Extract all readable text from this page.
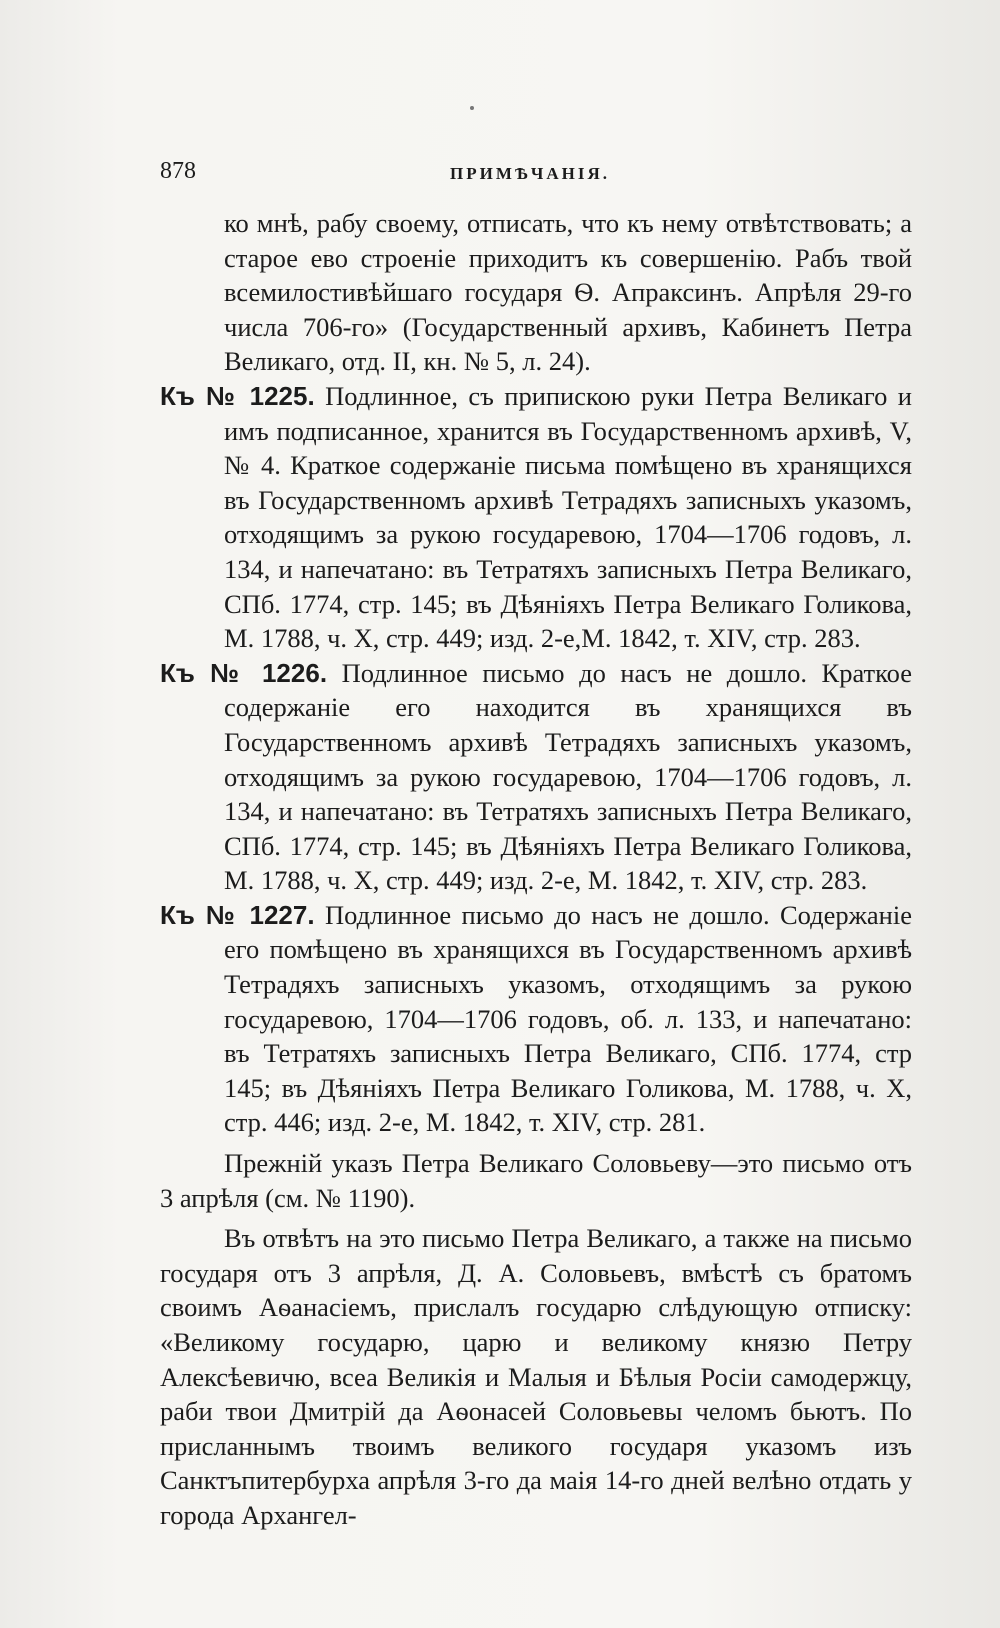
878	ПРИМѢЧАНІЯ.

ко мнѣ, рабу своему, отписать, что къ нему отвѣтствовать; а старое ево строенiе приходитъ къ совершенiю. Рабъ твой всемилостивѣйшаго государя Ѳ. Апраксинъ. Апрѣля 29-го числа 706-го» (Государственный архивъ, Кабинетъ Петра Великаго, отд. II, кн. № 5, л. 24).

Къ № 1225. Подлинное, съ припискою руки Петра Великаго и имъ подписанное, хранится въ Государственномъ архивѣ, V, № 4. Краткое содержанiе письма помѣщено въ хранящихся въ Государственномъ архивѣ Тетрадяхъ записныхъ указомъ, отходящимъ за рукою государевою, 1704—1706 годовъ, л. 134, и напечатано: въ Тетратяхъ записныхъ Петра Великаго, СПб. 1774, стр. 145; въ Дѣянiяхъ Петра Великаго Голикова, М. 1788, ч. X, стр. 449; изд. 2-е,М. 1842, т. XIV, стр. 283.

Къ № 1226. Подлинное письмо до насъ не дошло. Краткое содержанiе его находится въ хранящихся въ Государственномъ архивѣ Тетрадяхъ записныхъ указомъ, отходящимъ за рукою государевою, 1704—1706 годовъ, л. 134, и напечатано: въ Тетратяхъ записныхъ Петра Великаго, СПб. 1774, стр. 145; въ Дѣянiяхъ Петра Великаго Голикова, М. 1788, ч. X, стр. 449; изд. 2-е, М. 1842, т. XIV, стр. 283.

Къ № 1227. Подлинное письмо до насъ не дошло. Содержанiе его помѣщено въ хранящихся въ Государственномъ архивѣ Тетрадяхъ записныхъ указомъ, отходящимъ за рукою государевою, 1704—1706 годовъ, об. л. 133, и напечатано: въ Тетратяхъ записныхъ Петра Великаго, СПб. 1774, стр 145; въ Дѣянiяхъ Петра Великаго Голикова, М. 1788, ч. X, стр. 446; изд. 2-е, М. 1842, т. XIV, стр. 281.

Прежнiй указъ Петра Великаго Соловьеву—это письмо отъ 3 апрѣля (см. № 1190).

Въ отвѣтъ на это письмо Петра Великаго, а также на письмо государя отъ 3 апрѣля, Д. А. Соловьевъ, вмѣстѣ съ братомъ своимъ Аѳанасiемъ, прислалъ государю слѣдующую отписку: «Великому государю, царю и великому князю Петру Алексѣевичю, всеа Великiя и Малыя и Бѣлыя Росiи самодержцу, раби твои Дмитрiй да Аѳонасей Соловьевы челомъ бьютъ. По присланнымъ твоимъ великого государя указомъ изъ Санктъпитербурха апрѣля 3-го да маiя 14-го дней велѣно отдать у города Архангел-
